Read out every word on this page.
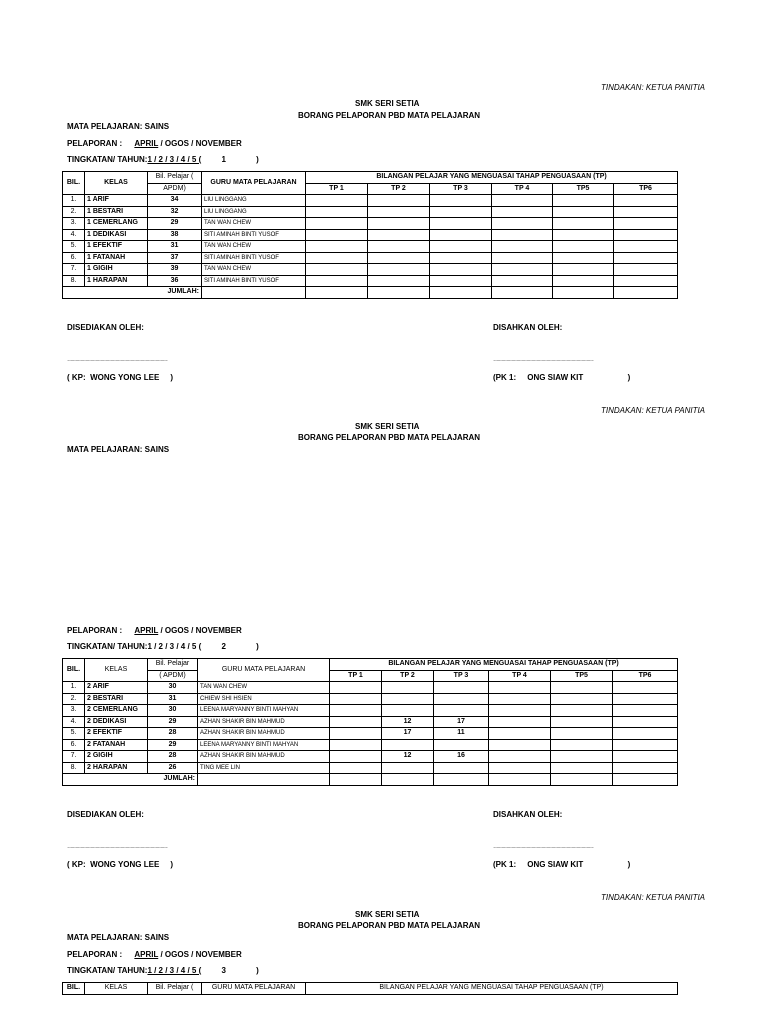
TINDAKAN: KETUA PANITIA
SMK SERI SETIA
BORANG PELAPORAN PBD MATA PELAJARAN
MATA PELAJARAN: SAINS
PELAPORAN : APRIL / OGOS / NOVEMBER
TINGKATAN/ TAHUN:1 / 2 / 3 / 4 / 5 (	1	)
BIL.	KELAS	Bil. Pelajar (	GURU MATA PELAJARAN	BILANGAN PELAJAR YANG MENGUASAI TAHAP PENGUASAAN (TP)					
		APDM)		TP 1	TP 2	TP 3	TP 4	TP5	TP6
1.	1 ARIF	34	LIU LINGGANG						
2.	1 BESTARI	32	LIU LINGGANG						
3.	1 CEMERLANG	29	TAN WAN CHEW						
4.	1 DEDIKASI	38	SITI AMINAH BINTI YUSOF						
5.	1 EFEKTIF	31	TAN WAN CHEW						
6.	1 FATANAH	37	SITI AMINAH BINTI YUSOF						
7.	1 GIGIH	39	TAN WAN CHEW						
8.	1 HARAPAN	36	SITI AMINAH BINTI YUSOF						
JUMLAH:									
DISEDIAKAN OLEH:	DISAHKAN OLEH:
……………………………………………………	……………………………………………………
( KP:  WONG YONG LEE     )	(PK 1:     ONG SIAW KIT                    )
TINDAKAN: KETUA PANITIA
SMK SERI SETIA
BORANG PELAPORAN PBD MATA PELAJARAN
MATA PELAJARAN: SAINS
PELAPORAN : APRIL / OGOS / NOVEMBER
TINGKATAN/ TAHUN:1 / 2 / 3 / 4 / 5 (	2	)
BIL.	KELAS	Bil. Pelajar	GURU MATA PELAJARAN	BILANGAN PELAJAR YANG MENGUASAI TAHAP PENGUASAAN (TP)					
		( APDM)		TP 1	TP 2	TP 3	TP 4	TP5	TP6
1.	2 ARIF	30	TAN WAN CHEW						
2.	2 BESTARI	31	CHIEW SHI HSIEN						
3.	2 CEMERLANG	30	LEENA MARYANNY BINTI MAHYAN						
4.	2 DEDIKASI	29	AZHAN SHAKIR BIN MAHMUD		12	17			
5.	2 EFEKTIF	28	AZHAN SHAKIR BIN MAHMUD		17	11			
6.	2 FATANAH	29	LEENA MARYANNY BINTI MAHYAN						
7.	2 GIGIH	28	AZHAN SHAKIR BIN MAHMUD		12	16			
8.	2 HARAPAN	26	TING MEE LIN						
JUMLAH:									
DISEDIAKAN OLEH:	DISAHKAN OLEH:
……………………………………………………	……………………………………………………
( KP:  WONG YONG LEE     )	(PK 1:     ONG SIAW KIT                    )
TINDAKAN: KETUA PANITIA
SMK SERI SETIA
BORANG PELAPORAN PBD MATA PELAJARAN
MATA PELAJARAN: SAINS
PELAPORAN : APRIL / OGOS / NOVEMBER
TINGKATAN/ TAHUN:1 / 2 / 3 / 4 / 5 (	3	)
BIL.	KELAS	Bil. Pelajar (	GURU MATA PELAJARAN	BILANGAN PELAJAR YANG MENGUASAI TAHAP PENGUASAAN (TP)
